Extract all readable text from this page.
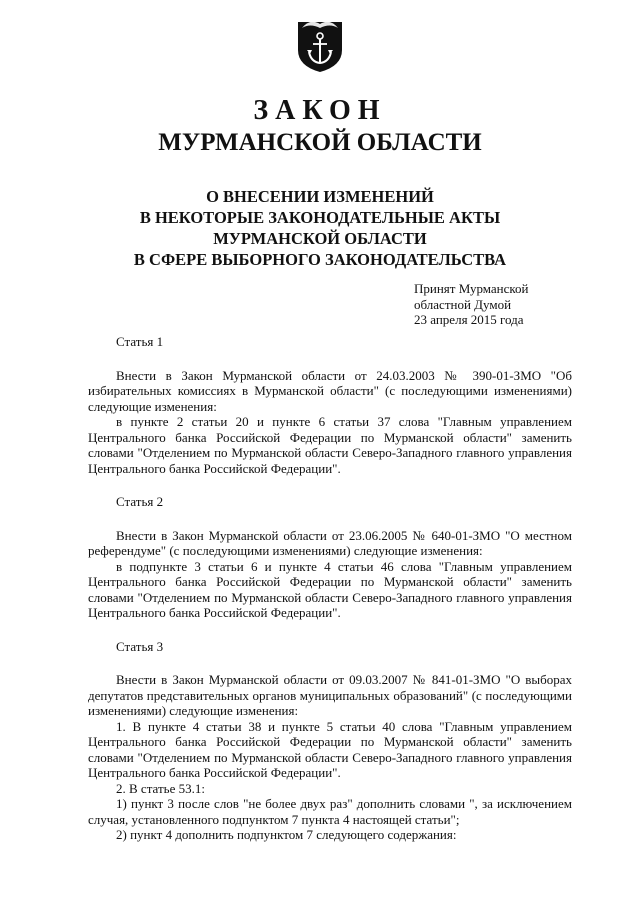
ЗАКОН
МУРМАНСКОЙ ОБЛАСТИ
О ВНЕСЕНИИ ИЗМЕНЕНИЙ
В НЕКОТОРЫЕ ЗАКОНОДАТЕЛЬНЫЕ АКТЫ
МУРМАНСКОЙ ОБЛАСТИ
В СФЕРЕ ВЫБОРНОГО ЗАКОНОДАТЕЛЬСТВА
Принят Мурманской
областной Думой
23 апреля 2015 года
Статья 1

Внести в Закон Мурманской области от 24.03.2003 № 390-01-ЗМО "Об избирательных комиссиях в Мурманской области" (с последующими изменениями) следующие изменения:

в пункте 2 статьи 20 и пункте 6 статьи 37 слова "Главным управлением Центрального банка Российской Федерации по Мурманской области" заменить словами "Отделением по Мурманской области Северо-Западного главного управления Центрального банка Российской Федерации".

Статья 2

Внести в Закон Мурманской области от 23.06.2005 № 640-01-ЗМО "О местном референдуме" (с последующими изменениями) следующие изменения:

в подпункте 3 статьи 6 и пункте 4 статьи 46 слова "Главным управлением Центрального банка Российской Федерации по Мурманской области" заменить словами "Отделением по Мурманской области Северо-Западного главного управления Центрального банка Российской Федерации".

Статья 3

Внести в Закон Мурманской области от 09.03.2007 № 841-01-ЗМО "О выборах депутатов представительных органов муниципальных образований" (с последующими изменениями) следующие изменения:

1. В пункте 4 статьи 38 и пункте 5 статьи 40 слова "Главным управлением Центрального банка Российской Федерации по Мурманской области" заменить словами "Отделением по Мурманской области Северо-Западного главного управления Центрального банка Российской Федерации".

2. В статье 53.1:

1) пункт 3 после слов "не более двух раз" дополнить словами ", за исключением случая, установленного подпунктом 7 пункта 4 настоящей статьи";

2) пункт 4 дополнить подпунктом 7 следующего содержания:
